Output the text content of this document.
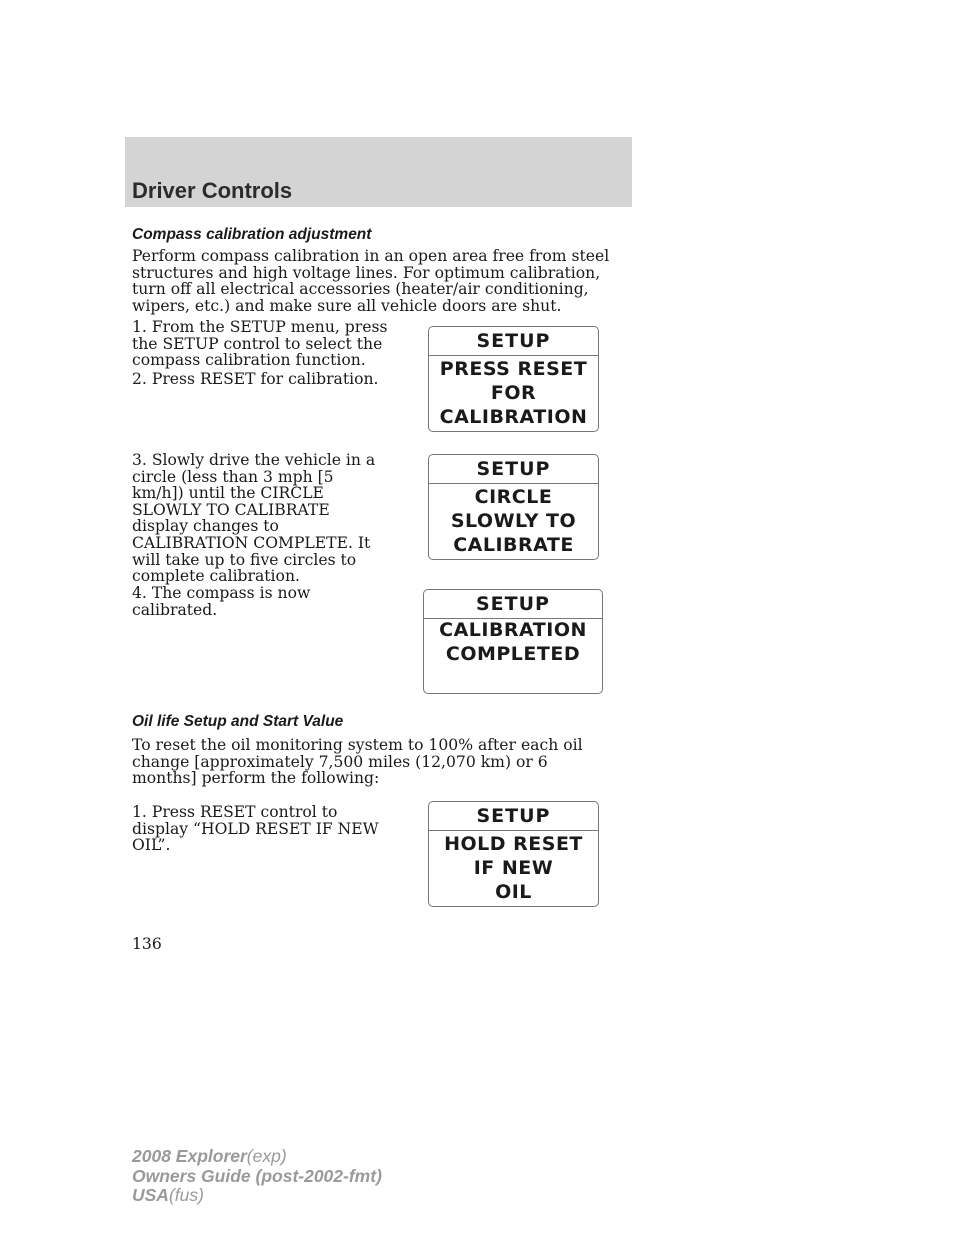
Driver Controls
Compass calibration adjustment

Perform compass calibration in an open area free from steel structures and high voltage lines. For optimum calibration, turn off all electrical accessories (heater/air conditioning, wipers, etc.) and make sure all vehicle doors are shut.

1. From the SETUP menu, press the SETUP control to select the compass calibration function.

2. Press RESET for calibration.

3. Slowly drive the vehicle in a circle (less than 3 mph [5 km/h]) until the CIRCLE SLOWLY TO CALIBRATE display changes to CALIBRATION COMPLETE. It will take up to five circles to complete calibration.

4. The compass is now calibrated.

SETUP
PRESS RESET
FOR
CALIBRATION
SETUP
CIRCLE
SLOWLY TO
CALIBRATE
SETUP
CALIBRATION
COMPLETED
Oil life Setup and Start Value

To reset the oil monitoring system to 100% after each oil change [approximately 7,500 miles (12,070 km) or 6 months] perform the following:

1. Press RESET control to display “HOLD RESET IF NEW OIL”.

SETUP
HOLD RESET
IF NEW
OIL
136
2008 Explorer(exp)
Owners Guide (post-2002-fmt)
USA(fus)
